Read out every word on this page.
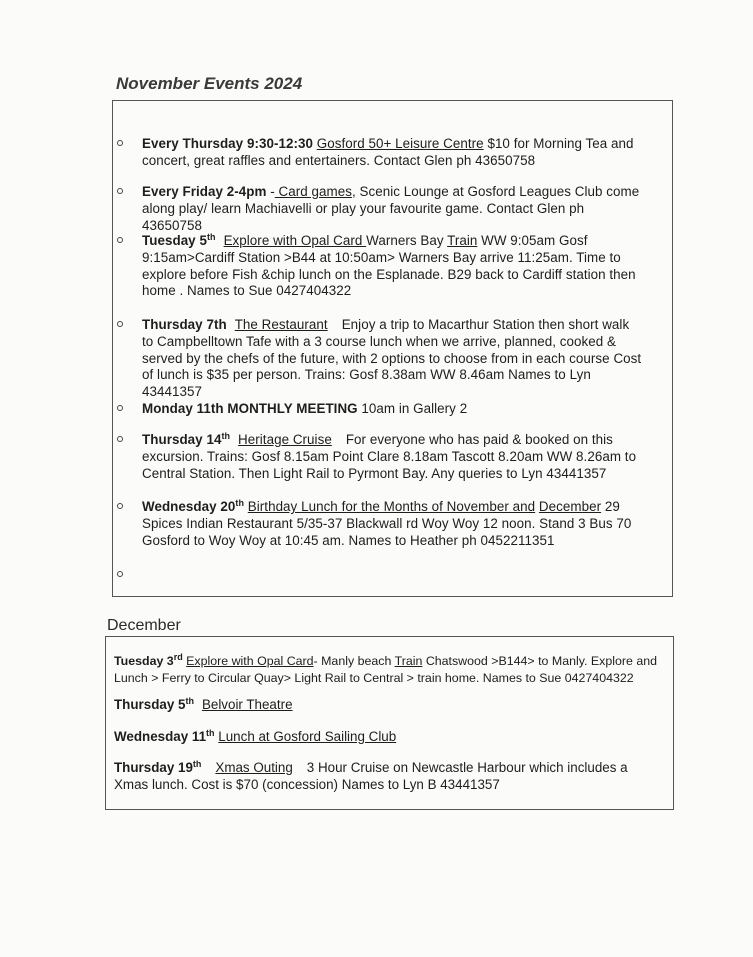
November Events 2024
Every Thursday 9:30-12:30 Gosford 50+ Leisure Centre $10 for Morning Tea and concert, great raffles and entertainers. Contact Glen ph 43650758
Every Friday 2-4pm - Card games, Scenic Lounge at Gosford Leagues Club come along play/ learn Machiavelli or play your favourite game. Contact Glen ph 43650758
Tuesday 5th Explore with Opal Card Warners Bay Train WW 9:05am Gosf 9:15am>Cardiff Station >B44 at 10:50am> Warners Bay arrive 11:25am. Time to explore before Fish &chip lunch on the Esplanade. B29 back to Cardiff station then home . Names to Sue 0427404322
Thursday 7th The Restaurant Enjoy a trip to Macarthur Station then short walk to Campbelltown Tafe with a 3 course lunch when we arrive, planned, cooked & served by the chefs of the future, with 2 options to choose from in each course Cost of lunch is $35 per person. Trains: Gosf 8.38am WW 8.46am Names to Lyn 43441357
Monday 11th MONTHLY MEETING 10am in Gallery 2
Thursday 14th Heritage Cruise For everyone who has paid & booked on this excursion. Trains: Gosf 8.15am Point Clare 8.18am Tascott 8.20am WW 8.26am to Central Station. Then Light Rail to Pyrmont Bay. Any queries to Lyn 43441357
Wednesday 20th Birthday Lunch for the Months of November and December 29 Spices Indian Restaurant 5/35-37 Blackwall rd Woy Woy 12 noon. Stand 3 Bus 70 Gosford to Woy Woy at 10:45 am. Names to Heather ph 0452211351
December
Tuesday 3rd Explore with Opal Card- Manly beach Train Chatswood >B144> to Manly. Explore and Lunch > Ferry to Circular Quay> Light Rail to Central > train home. Names to Sue 0427404322
Thursday 5th Belvoir Theatre
Wednesday 11th Lunch at Gosford Sailing Club
Thursday 19th Xmas Outing 3 Hour Cruise on Newcastle Harbour which includes a Xmas lunch. Cost is $70 (concession) Names to Lyn B 43441357
